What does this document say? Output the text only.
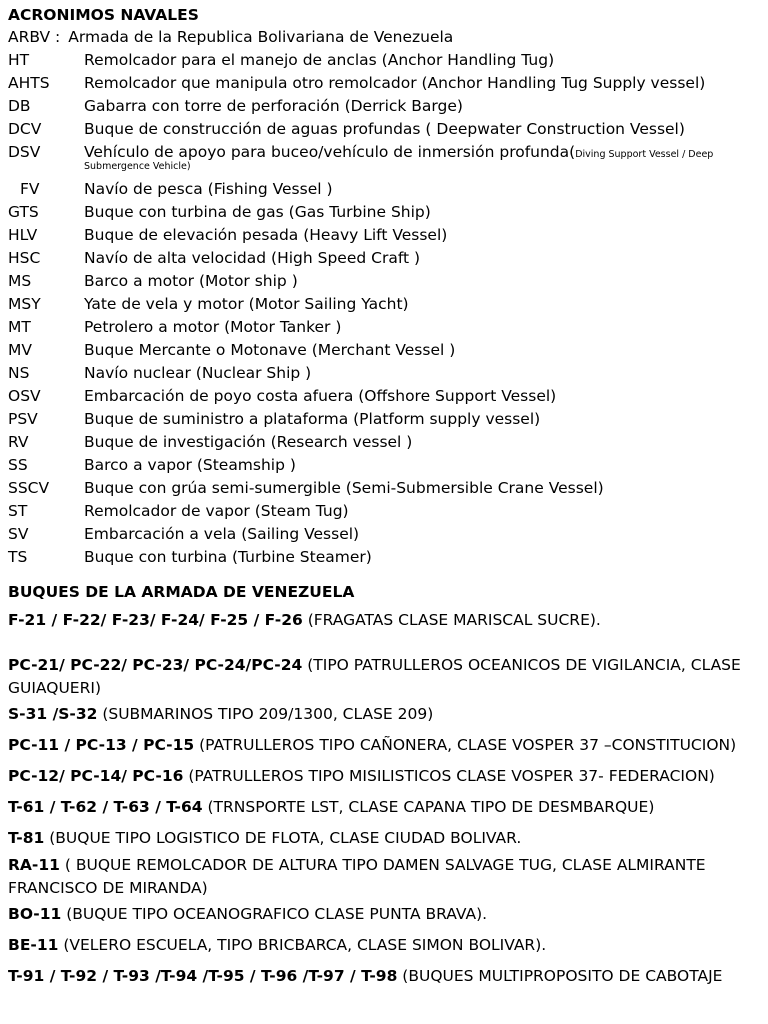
ACRONIMOS NAVALES
ARBV : Armada de la Republica Bolivariana de Venezuela
HT	Remolcador para el manejo de anclas (Anchor Handling Tug)
AHTS	Remolcador que manipula otro remolcador (Anchor Handling Tug Supply vessel)
DB	Gabarra con torre de perforación (Derrick Barge)
DCV	Buque de construcción de aguas profundas ( Deepwater Construction Vessel)
DSV	Vehículo de apoyo para buceo/vehículo de inmersión profunda(Diving Support Vessel / Deep
Submergence Vehicle)
FV	Navío de pesca (Fishing Vessel )
GTS	Buque con turbina de gas (Gas Turbine Ship)
HLV	Buque de elevación pesada (Heavy Lift Vessel)
HSC	Navío de alta velocidad (High Speed Craft )
MS	Barco a motor (Motor ship )
MSY	Yate de vela y motor (Motor Sailing Yacht)
MT	Petrolero a motor (Motor Tanker )
MV	Buque Mercante o Motonave (Merchant Vessel )
NS	Navío nuclear (Nuclear Ship )
OSV	Embarcación de poyo costa afuera (Offshore Support Vessel)
PSV	Buque de suministro a plataforma (Platform supply vessel)
RV	Buque de investigación (Research vessel )
SS	Barco a vapor (Steamship )
SSCV	Buque con grúa semi-sumergible (Semi-Submersible Crane Vessel)
ST	Remolcador de vapor (Steam Tug)
SV	Embarcación a vela (Sailing Vessel)
TS	Buque con turbina (Turbine Steamer)
BUQUES DE LA ARMADA DE VENEZUELA
F-21 / F-22/ F-23/ F-24/ F-25 / F-26 (FRAGATAS CLASE MARISCAL SUCRE).
PC-21/ PC-22/ PC-23/ PC-24/PC-24 (TIPO PATRULLEROS OCEANICOS DE VIGILANCIA, CLASE GUIAQUERI)
S-31 /S-32 (SUBMARINOS TIPO 209/1300, CLASE 209)
PC-11 / PC-13 / PC-15 (PATRULLEROS TIPO CAÑONERA, CLASE VOSPER 37 –CONSTITUCION)
PC-12/ PC-14/ PC-16 (PATRULLEROS TIPO MISILISTICOS CLASE VOSPER 37- FEDERACION)
T-61 / T-62 / T-63 / T-64 (TRNSPORTE LST, CLASE CAPANA TIPO DE DESMBARQUE)
T-81 (BUQUE TIPO LOGISTICO DE FLOTA, CLASE CIUDAD BOLIVAR.
RA-11 ( BUQUE REMOLCADOR DE ALTURA TIPO DAMEN SALVAGE TUG, CLASE ALMIRANTE FRANCISCO DE MIRANDA)
BO-11 (BUQUE TIPO OCEANOGRAFICO CLASE PUNTA BRAVA).
BE-11 (VELERO ESCUELA, TIPO BRICBARCA, CLASE SIMON BOLIVAR).
T-91 / T-92 / T-93 /T-94 /T-95 / T-96 /T-97 / T-98 (BUQUES MULTIPROPOSITO DE CABOTAJE
